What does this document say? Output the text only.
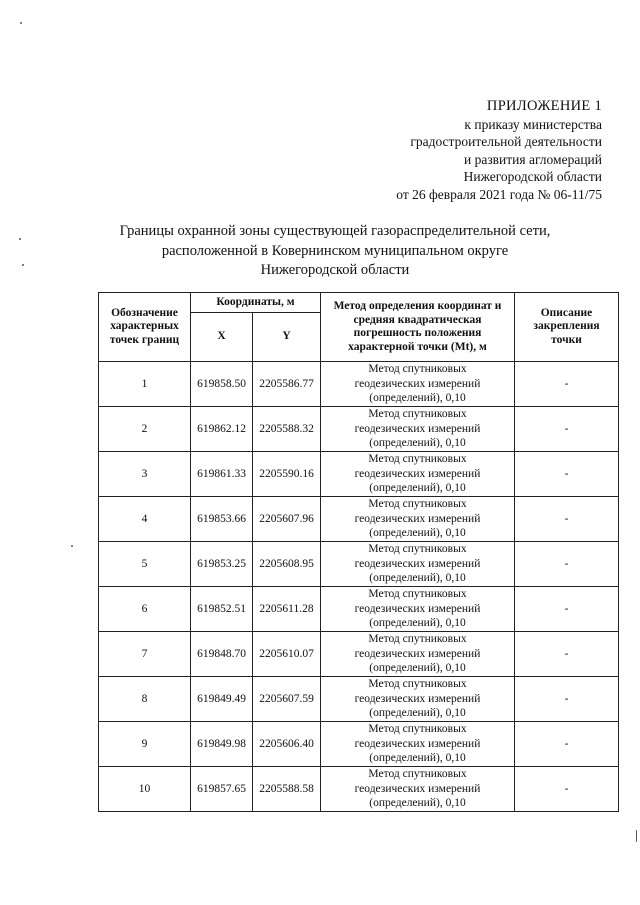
ПРИЛОЖЕНИЕ 1
к приказу министерства
градостроительной деятельности
и развития агломераций
Нижегородской области
от 26 февраля 2021 года № 06-11/75
Границы охранной зоны существующей газораспределительной сети,
расположенной в Ковернинском муниципальном округе
Нижегородской области
Обозначение характерных точек границ	Координаты, м		Метод определения координат и средняя квадратическая погрешность положения характерной точки (Mt), м	Описание закрепления точки
	X	Y		
1	619858.50	2205586.77	Метод спутниковых
геодезических измерений
(определений), 0,10	-
2	619862.12	2205588.32	Метод спутниковых
геодезических измерений
(определений), 0,10	-
3	619861.33	2205590.16	Метод спутниковых
геодезических измерений
(определений), 0,10	-
4	619853.66	2205607.96	Метод спутниковых
геодезических измерений
(определений), 0,10	-
5	619853.25	2205608.95	Метод спутниковых
геодезических измерений
(определений), 0,10	-
6	619852.51	2205611.28	Метод спутниковых
геодезических измерений
(определений), 0,10	-
7	619848.70	2205610.07	Метод спутниковых
геодезических измерений
(определений), 0,10	-
8	619849.49	2205607.59	Метод спутниковых
геодезических измерений
(определений), 0,10	-
9	619849.98	2205606.40	Метод спутниковых
геодезических измерений
(определений), 0,10	-
10	619857.65	2205588.58	Метод спутниковых
геодезических измерений
(определений), 0,10	-
